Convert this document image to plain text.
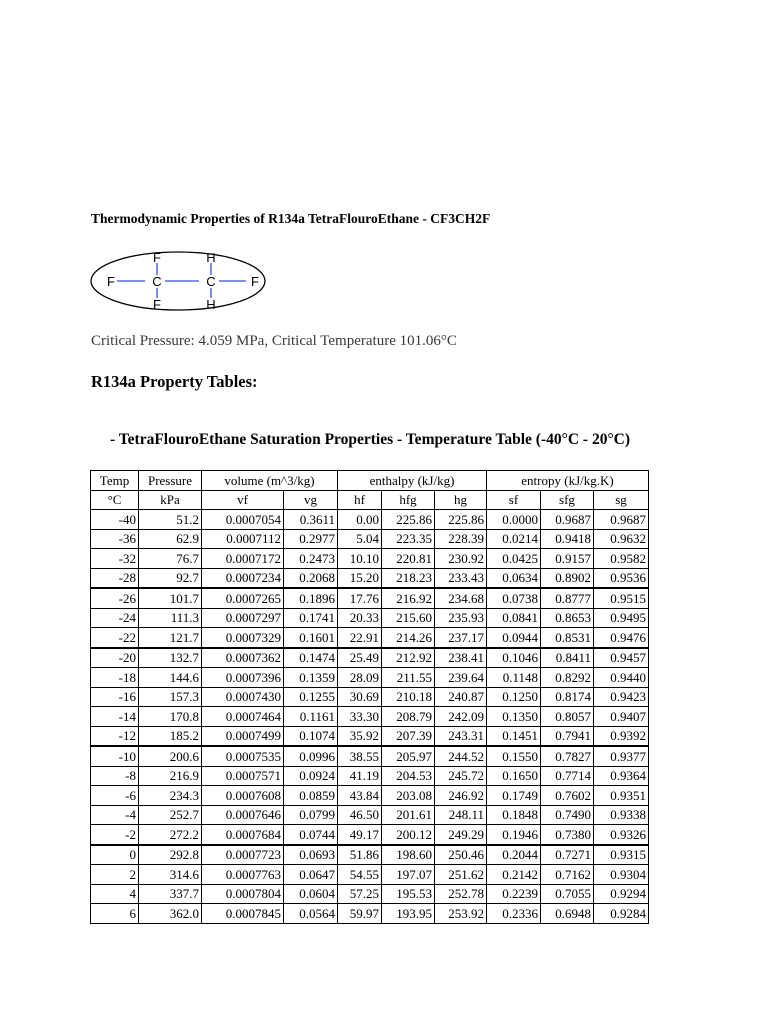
Thermodynamic Properties of R134a TetraFlouroEthane - CF3CH2F
F	C	C	F
F	H
F	H
Critical Pressure: 4.059 MPa, Critical Temperature 101.06°C
R134a Property Tables:
- TetraFlouroEthane Saturation Properties - Temperature Table (-40°C - 20°C)
Temp	Pressure	volume (m^3/kg)		enthalpy (kJ/kg)			entropy (kJ/kg.K)		
°C	kPa	vf	vg	hf	hfg	hg	sf	sfg	sg
-40	51.2	0.0007054	0.3611	0.00	225.86	225.86	0.0000	0.9687	0.9687
-36	62.9	0.0007112	0.2977	5.04	223.35	228.39	0.0214	0.9418	0.9632
-32	76.7	0.0007172	0.2473	10.10	220.81	230.92	0.0425	0.9157	0.9582
-28	92.7	0.0007234	0.2068	15.20	218.23	233.43	0.0634	0.8902	0.9536
-26	101.7	0.0007265	0.1896	17.76	216.92	234.68	0.0738	0.8777	0.9515
-24	111.3	0.0007297	0.1741	20.33	215.60	235.93	0.0841	0.8653	0.9495
-22	121.7	0.0007329	0.1601	22.91	214.26	237.17	0.0944	0.8531	0.9476
-20	132.7	0.0007362	0.1474	25.49	212.92	238.41	0.1046	0.8411	0.9457
-18	144.6	0.0007396	0.1359	28.09	211.55	239.64	0.1148	0.8292	0.9440
-16	157.3	0.0007430	0.1255	30.69	210.18	240.87	0.1250	0.8174	0.9423
-14	170.8	0.0007464	0.1161	33.30	208.79	242.09	0.1350	0.8057	0.9407
-12	185.2	0.0007499	0.1074	35.92	207.39	243.31	0.1451	0.7941	0.9392
-10	200.6	0.0007535	0.0996	38.55	205.97	244.52	0.1550	0.7827	0.9377
-8	216.9	0.0007571	0.0924	41.19	204.53	245.72	0.1650	0.7714	0.9364
-6	234.3	0.0007608	0.0859	43.84	203.08	246.92	0.1749	0.7602	0.9351
-4	252.7	0.0007646	0.0799	46.50	201.61	248.11	0.1848	0.7490	0.9338
-2	272.2	0.0007684	0.0744	49.17	200.12	249.29	0.1946	0.7380	0.9326
0	292.8	0.0007723	0.0693	51.86	198.60	250.46	0.2044	0.7271	0.9315
2	314.6	0.0007763	0.0647	54.55	197.07	251.62	0.2142	0.7162	0.9304
4	337.7	0.0007804	0.0604	57.25	195.53	252.78	0.2239	0.7055	0.9294
6	362.0	0.0007845	0.0564	59.97	193.95	253.92	0.2336	0.6948	0.9284
